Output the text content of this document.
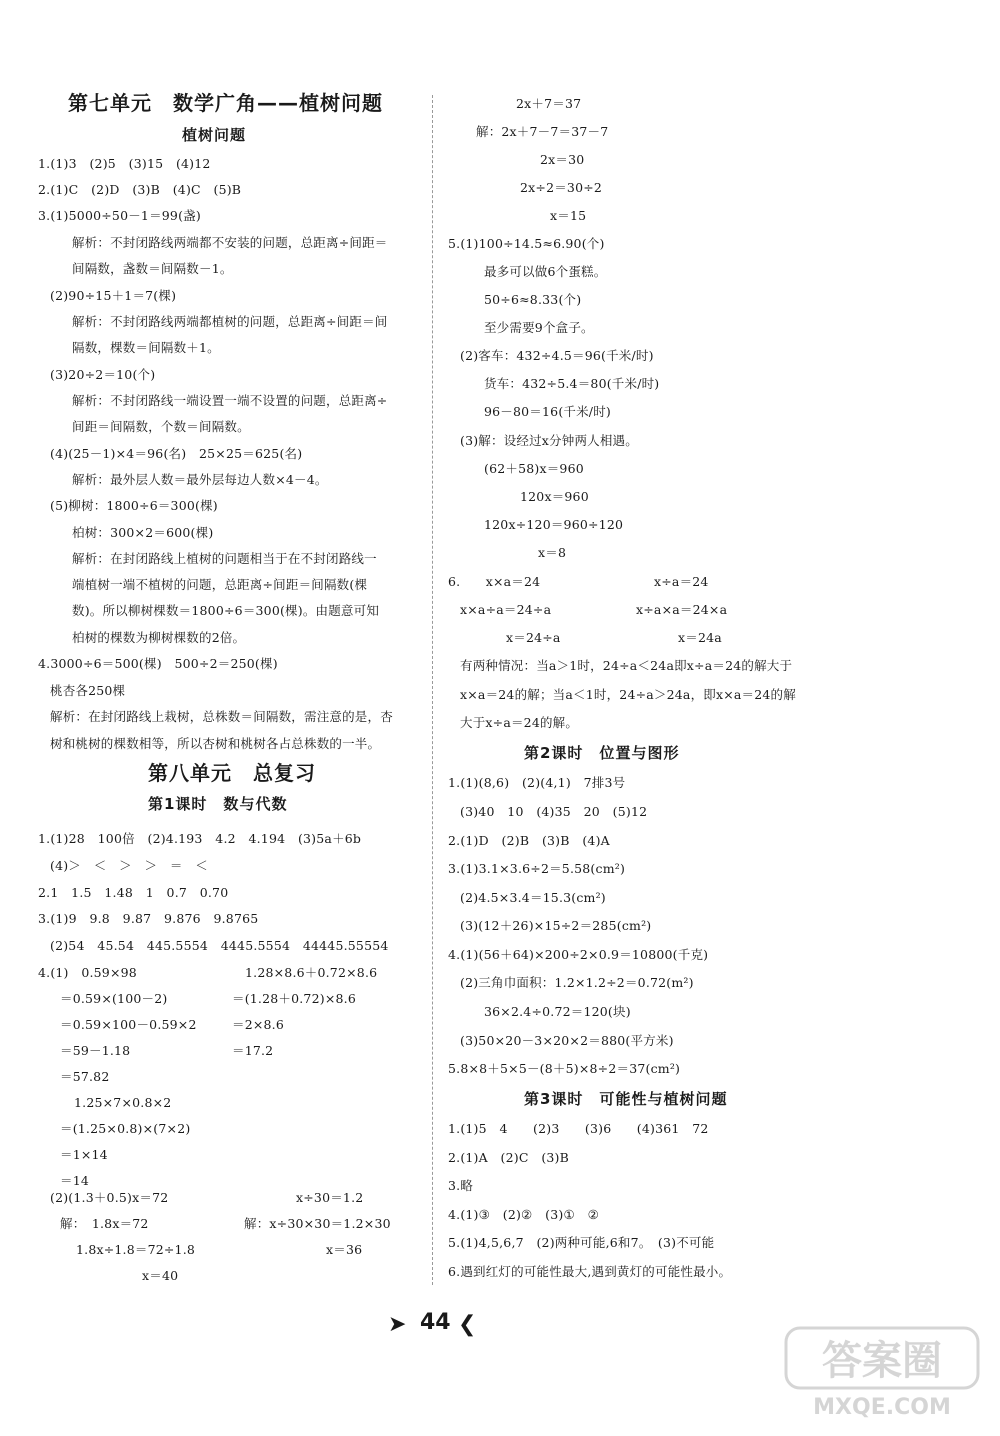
第七单元　数学广角——植树问题
植树问题
1.(1)3　(2)5　(3)15　(4)12
2.(1)C　(2)D　(3)B　(4)C　(5)B
3.(1)5000÷50－1＝99(盏)
解析：不封闭路线两端都不安装的问题，总距离÷间距＝
间隔数，盏数＝间隔数－1。
(2)90÷15＋1＝7(棵)
解析：不封闭路线两端都植树的问题，总距离÷间距＝间
隔数，棵数＝间隔数＋1。
(3)20÷2＝10(个)
解析：不封闭路线一端设置一端不设置的问题，总距离÷
间距＝间隔数，个数＝间隔数。
(4)(25－1)×4＝96(名)　25×25＝625(名)
解析：最外层人数＝最外层每边人数×4－4。
(5)柳树：1800÷6＝300(棵)
柏树：300×2＝600(棵)
解析：在封闭路线上植树的问题相当于在不封闭路线一
端植树一端不植树的问题，总距离÷间距＝间隔数(棵
数)。所以柳树棵数＝1800÷6＝300(棵)。由题意可知
柏树的棵数为柳树棵数的2倍。
4.3000÷6＝500(棵)　500÷2＝250(棵)
桃杏各250棵
解析：在封闭路线上栽树，总株数＝间隔数，需注意的是，杏
树和桃树的棵数相等，所以杏树和桃树各占总株数的一半。
第八单元　总复习
第1课时　数与代数
1.(1)28　100倍　(2)4.193　4.2　4.194　(3)5a＋6b
(4)＞　＜　＞　＞　＝　＜
2.1　1.5　1.48　1　0.7　0.70
3.(1)9　9.8　9.87　9.876　9.8765
(2)54　45.54　445.5554　4445.5554　44445.55554
4.(1)　0.59×98	1.28×8.6＋0.72×8.6
＝0.59×(100－2)	＝(1.28＋0.72)×8.6
＝0.59×100－0.59×2	＝2×8.6
＝59－1.18	＝17.2
＝57.82
1.25×7×0.8×2
＝(1.25×0.8)×(7×2)
＝1×14
＝14
(2)(1.3＋0.5)x＝72	x÷30＝1.2
解：　1.8x＝72	解：x÷30×30＝1.2×30
1.8x÷1.8＝72÷1.8	x＝36
x＝40
2x＋7＝37
解：2x＋7－7＝37－7
2x＝30
2x÷2＝30÷2
x＝15
5.(1)100÷14.5≈6.90(个)
最多可以做6个蛋糕。
50÷6≈8.33(个)
至少需要9个盒子。
(2)客车：432÷4.5＝96(千米/时)
货车：432÷5.4＝80(千米/时)
96－80＝16(千米/时)
(3)解：设经过x分钟两人相遇。
(62＋58)x＝960
120x＝960
120x÷120＝960÷120
x＝8
6.　　x×a＝24	x÷a＝24
x×a÷a＝24÷a	x÷a×a＝24×a
x＝24÷a	x＝24a
有两种情况：当a＞1时，24÷a＜24a即x÷a＝24的解大于
x×a＝24的解；当a＜1时，24÷a＞24a，即x×a＝24的解
大于x÷a＝24的解。
第2课时　位置与图形
1.(1)(8,6)　(2)(4,1)　7排3号
(3)40　10　(4)35　20　(5)12
2.(1)D　(2)B　(3)B　(4)A
3.(1)3.1×3.6÷2＝5.58(cm²)
(2)4.5×3.4＝15.3(cm²)
(3)(12＋26)×15÷2＝285(cm²)
4.(1)(56＋64)×200÷2×0.9＝10800(千克)
(2)三角巾面积：1.2×1.2÷2＝0.72(m²)
36×2.4÷0.72＝120(块)
(3)50×20－3×20×2＝880(平方米)
5.8×8＋5×5－(8＋5)×8÷2＝37(cm²)
第3课时　可能性与植树问题
1.(1)5　4　　(2)3　　(3)6　　(4)361　72
2.(1)A　(2)C　(3)B
3.略
4.(1)③　(2)②　(3)①　②
5.(1)4,5,6,7　(2)两种可能,6和7。　(3)不可能
6.遇到红灯的可能性最大,遇到黄灯的可能性最小。
➤ 44 ❮
答案圈
MXQE.COM
